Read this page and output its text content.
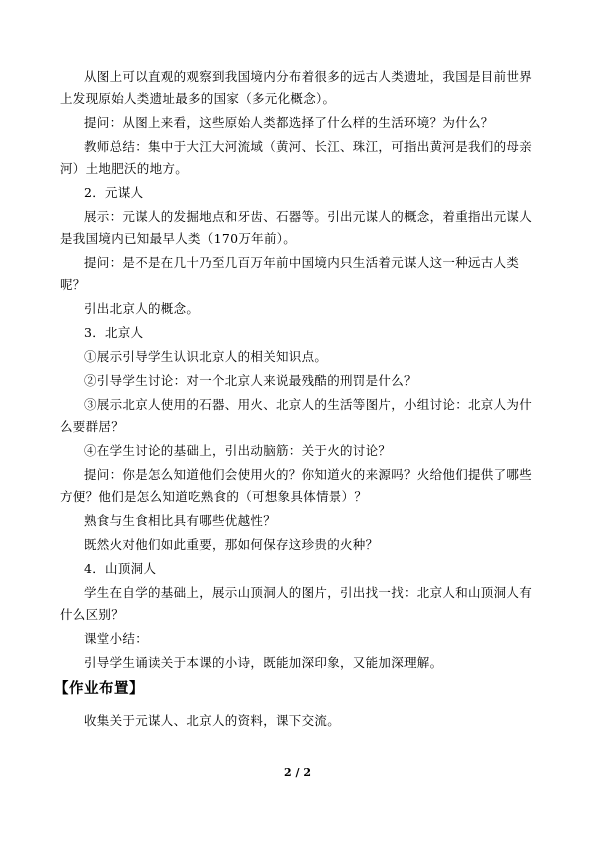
从图上可以直观的观察到我国境内分布着很多的远古人类遗址，我国是目前世界上发现原始人类遗址最多的国家（多元化概念）。

提问：从图上来看，这些原始人类都选择了什么样的生活环境？为什么？

教师总结：集中于大江大河流域（黄河、长江、珠江，可指出黄河是我们的母亲河）土地肥沃的地方。

2．元谋人

展示：元谋人的发掘地点和牙齿、石器等。引出元谋人的概念，着重指出元谋人是我国境内已知最早人类（170万年前）。

提问：是不是在几十乃至几百万年前中国境内只生活着元谋人这一种远古人类呢？

引出北京人的概念。

3．北京人

①展示引导学生认识北京人的相关知识点。

②引导学生讨论：对一个北京人来说最残酷的刑罚是什么？

③展示北京人使用的石器、用火、北京人的生活等图片，小组讨论：北京人为什么要群居？

④在学生讨论的基础上，引出动脑筋：关于火的讨论？

提问：你是怎么知道他们会使用火的？你知道火的来源吗？火给他们提供了哪些方便？他们是怎么知道吃熟食的（可想象具体情景）？

熟食与生食相比具有哪些优越性？

既然火对他们如此重要，那如何保存这珍贵的火种？

4．山顶洞人

学生在自学的基础上，展示山顶洞人的图片，引出找一找：北京人和山顶洞人有什么区别？

课堂小结：

引导学生诵读关于本课的小诗，既能加深印象，又能加深理解。

【作业布置】

收集关于元谋人、北京人的资料，课下交流。

2 / 2
